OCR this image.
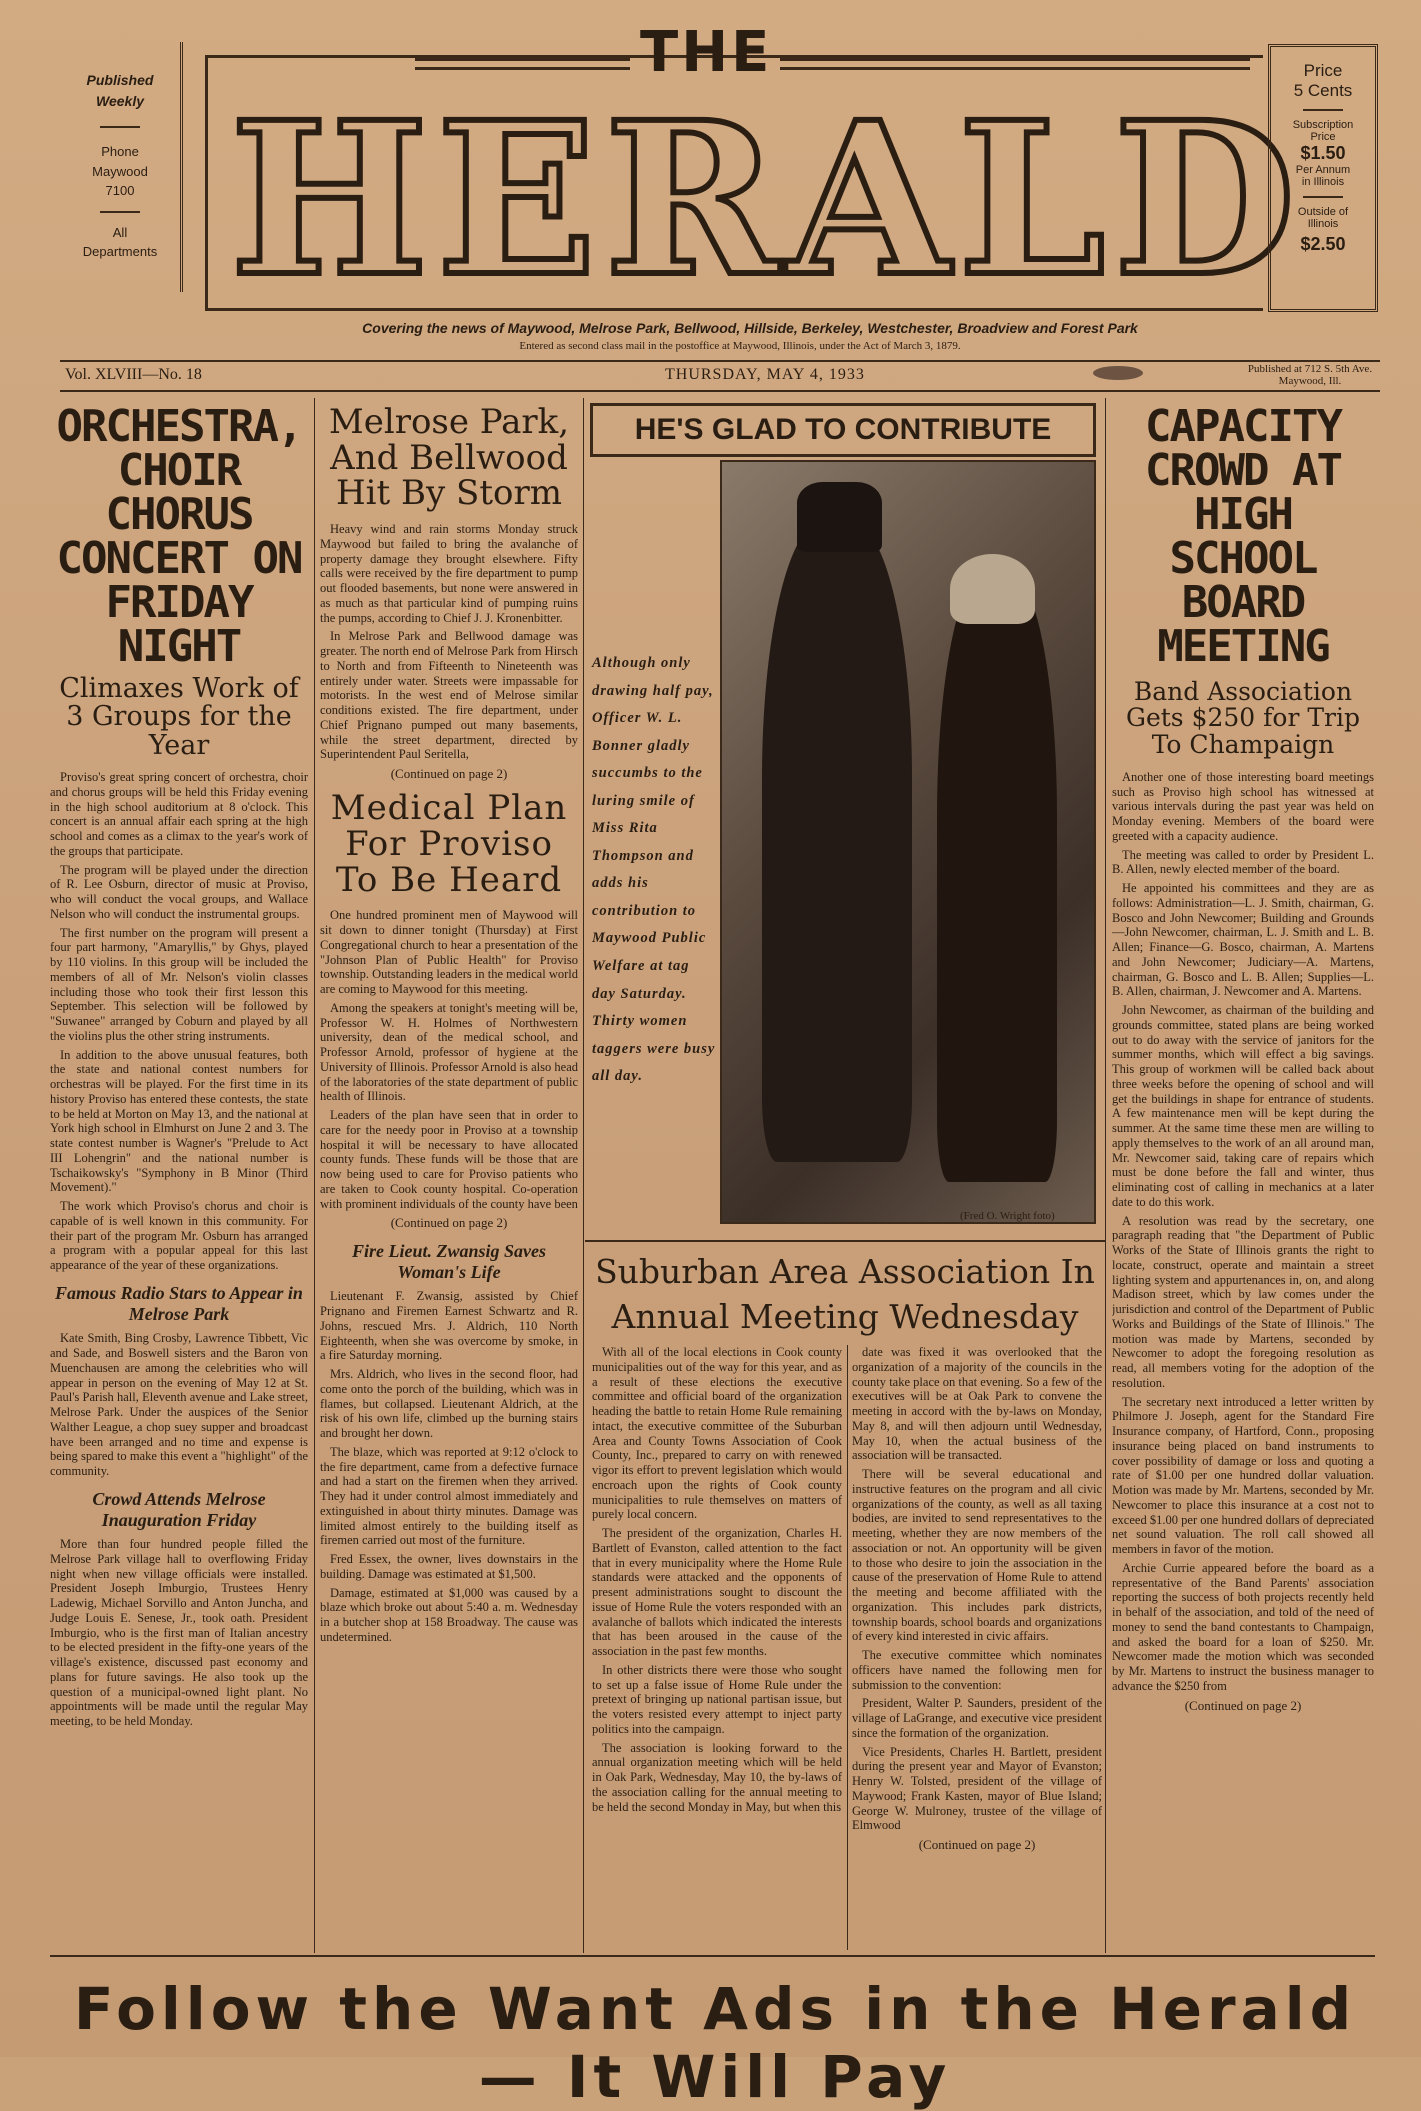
Published
Weekly
Phone
Maywood
7100
All
Departments
THE
HERALD
Price
5 Cents
Subscription
Price
$1.50
Per Annum
in Illinois
Outside of
Illinois
$2.50
Covering the news of Maywood, Melrose Park, Bellwood, Hillside, Berkeley, Westchester, Broadview and Forest Park
Entered as second class mail in the postoffice at Maywood, Illinois, under the Act of March 3, 1879.
Vol. XLVIII—No. 18	THURSDAY, MAY 4, 1933	Published at 712 S. 5th Ave. Maywood, Ill.
ORCHESTRA, CHOIR CHORUS CONCERT ON FRIDAY NIGHT
Climaxes Work of 3 Groups for the Year

Proviso's great spring concert of orchestra, choir and chorus groups will be held this Friday evening in the high school auditorium at 8 o'clock. This concert is an annual affair each spring at the high school and comes as a climax to the year's work of the groups that participate.

The program will be played under the direction of R. Lee Osburn, director of music at Proviso, who will conduct the vocal groups, and Wallace Nelson who will conduct the instrumental groups.

The first number on the program will present a four part harmony, "Amaryllis," by Ghys, played by 110 violins. In this group will be included the members of all of Mr. Nelson's violin classes including those who took their first lesson this September. This selection will be followed by "Suwanee" arranged by Coburn and played by all the violins plus the other string instruments.

In addition to the above unusual features, both the state and national contest numbers for orchestras will be played. For the first time in its history Proviso has entered these contests, the state to be held at Morton on May 13, and the national at York high school in Elmhurst on June 2 and 3. The state contest number is Wagner's "Prelude to Act III Lohengrin" and the national number is Tschaikowsky's "Symphony in B Minor (Third Movement)."

The work which Proviso's chorus and choir is capable of is well known in this community. For their part of the program Mr. Osburn has arranged a program with a popular appeal for this last appearance of the year of these organizations.

Famous Radio Stars to Appear in Melrose Park

Kate Smith, Bing Crosby, Lawrence Tibbett, Vic and Sade, and Boswell sisters and the Baron von Muenchausen are among the celebrities who will appear in person on the evening of May 12 at St. Paul's Parish hall, Eleventh avenue and Lake street, Melrose Park. Under the auspices of the Senior Walther League, a chop suey supper and broadcast have been arranged and no time and expense is being spared to make this event a "highlight" of the community.

Crowd Attends Melrose Inauguration Friday

More than four hundred people filled the Melrose Park village hall to overflowing Friday night when new village officials were installed. President Joseph Imburgio, Trustees Henry Ladewig, Michael Sorvillo and Anton Juncha, and Judge Louis E. Senese, Jr., took oath. President Imburgio, who is the first man of Italian ancestry to be elected president in the fifty-one years of the village's existence, discussed past economy and plans for future savings. He also took up the question of a municipal-owned light plant. No appointments will be made until the regular May meeting, to be held Monday.

Melrose Park, And Bellwood Hit By Storm

Heavy wind and rain storms Monday struck Maywood but failed to bring the avalanche of property damage they brought elsewhere. Fifty calls were received by the fire department to pump out flooded basements, but none were answered in as much as that particular kind of pumping ruins the pumps, according to Chief J. J. Kronenbitter.

In Melrose Park and Bellwood damage was greater. The north end of Melrose Park from Hirsch to North and from Fifteenth to Nineteenth was entirely under water. Streets were impassable for motorists. In the west end of Melrose similar conditions existed. The fire department, under Chief Prignano pumped out many basements, while the street department, directed by Superintendent Paul Seritella,

(Continued on page 2)
Medical Plan For Proviso To Be Heard

One hundred prominent men of Maywood will sit down to dinner tonight (Thursday) at First Congregational church to hear a presentation of the "Johnson Plan of Public Health" for Proviso township. Outstanding leaders in the medical world are coming to Maywood for this meeting.

Among the speakers at tonight's meeting will be, Professor W. H. Holmes of Northwestern university, dean of the medical school, and Professor Arnold, professor of hygiene at the University of Illinois. Professor Arnold is also head of the laboratories of the state department of public health of Illinois.

Leaders of the plan have seen that in order to care for the needy poor in Proviso at a township hospital it will be necessary to have allocated county funds. These funds will be those that are now being used to care for Proviso patients who are taken to Cook county hospital. Co-operation with prominent individuals of the county have been

(Continued on page 2)
Fire Lieut. Zwansig Saves Woman's Life

Lieutenant F. Zwansig, assisted by Chief Prignano and Firemen Earnest Schwartz and R. Johns, rescued Mrs. J. Aldrich, 110 North Eighteenth, when she was overcome by smoke, in a fire Saturday morning.

Mrs. Aldrich, who lives in the second floor, had come onto the porch of the building, which was in flames, but collapsed. Lieutenant Aldrich, at the risk of his own life, climbed up the burning stairs and brought her down.

The blaze, which was reported at 9:12 o'clock to the fire department, came from a defective furnace and had a start on the firemen when they arrived. They had it under control almost immediately and extinguished in about thirty minutes. Damage was limited almost entirely to the building itself as firemen carried out most of the furniture.

Fred Essex, the owner, lives downstairs in the building. Damage was estimated at $1,500.

Damage, estimated at $1,000 was caused by a blaze which broke out about 5:40 a. m. Wednesday in a butcher shop at 158 Broadway. The cause was undetermined.

HE'S GLAD TO CONTRIBUTE
Although only drawing half pay, Officer W. L. Bonner gladly succumbs to the luring smile of Miss Rita Thompson and adds his contribution to Maywood Public Welfare at tag day Saturday. Thirty women taggers were busy all day.
(Fred O. Wright foto)
Suburban Area Association In Annual Meeting Wednesday

With all of the local elections in Cook county municipalities out of the way for this year, and as a result of these elections the executive committee and official board of the organization heading the battle to retain Home Rule remaining intact, the executive committee of the Suburban Area and County Towns Association of Cook County, Inc., prepared to carry on with renewed vigor its effort to prevent legislation which would encroach upon the rights of Cook county municipalities to rule themselves on matters of purely local concern.

The president of the organization, Charles H. Bartlett of Evanston, called attention to the fact that in every municipality where the Home Rule standards were attacked and the opponents of present administrations sought to discount the issue of Home Rule the voters responded with an avalanche of ballots which indicated the interests that has been aroused in the cause of the association in the past few months.

In other districts there were those who sought to set up a false issue of Home Rule under the pretext of bringing up national partisan issue, but the voters resisted every attempt to inject party politics into the campaign.

The association is looking forward to the annual organization meeting which will be held in Oak Park, Wednesday, May 10, the by-laws of the association calling for the annual meeting to be held the second Monday in May, but when this

date was fixed it was overlooked that the organization of a majority of the councils in the county take place on that evening. So a few of the executives will be at Oak Park to convene the meeting in accord with the by-laws on Monday, May 8, and will then adjourn until Wednesday, May 10, when the actual business of the association will be transacted.

There will be several educational and instructive features on the program and all civic organizations of the county, as well as all taxing bodies, are invited to send representatives to the meeting, whether they are now members of the association or not. An opportunity will be given to those who desire to join the association in the cause of the preservation of Home Rule to attend the meeting and become affiliated with the organization. This includes park districts, township boards, school boards and organizations of every kind interested in civic affairs.

The executive committee which nominates officers have named the following men for submission to the convention:

President, Walter P. Saunders, president of the village of LaGrange, and executive vice president since the formation of the organization.

Vice Presidents, Charles H. Bartlett, president during the present year and Mayor of Evanston; Henry W. Tolsted, president of the village of Maywood; Frank Kasten, mayor of Blue Island; George W. Mulroney, trustee of the village of Elmwood

(Continued on page 2)
CAPACITY CROWD AT HIGH SCHOOL BOARD MEETING
Band Association Gets $250 for Trip To Champaign

Another one of those interesting board meetings such as Proviso high school has witnessed at various intervals during the past year was held on Monday evening. Members of the board were greeted with a capacity audience.

The meeting was called to order by President L. B. Allen, newly elected member of the board.

He appointed his committees and they are as follows: Administration—L. J. Smith, chairman, G. Bosco and John Newcomer; Building and Grounds—John Newcomer, chairman, L. J. Smith and L. B. Allen; Finance—G. Bosco, chairman, A. Martens and John Newcomer; Judiciary—A. Martens, chairman, G. Bosco and L. B. Allen; Supplies—L. B. Allen, chairman, J. Newcomer and A. Martens.

John Newcomer, as chairman of the building and grounds committee, stated plans are being worked out to do away with the service of janitors for the summer months, which will effect a big savings. This group of workmen will be called back about three weeks before the opening of school and will get the buildings in shape for entrance of students. A few maintenance men will be kept during the summer. At the same time these men are willing to apply themselves to the work of an all around man, Mr. Newcomer said, taking care of repairs which must be done before the fall and winter, thus eliminating cost of calling in mechanics at a later date to do this work.

A resolution was read by the secretary, one paragraph reading that "the Department of Public Works of the State of Illinois grants the right to locate, construct, operate and maintain a street lighting system and appurtenances in, on, and along Madison street, which by law comes under the jurisdiction and control of the Department of Public Works and Buildings of the State of Illinois." The motion was made by Martens, seconded by Newcomer to adopt the foregoing resolution as read, all members voting for the adoption of the resolution.

The secretary next introduced a letter written by Philmore J. Joseph, agent for the Standard Fire Insurance company, of Hartford, Conn., proposing insurance being placed on band instruments to cover possibility of damage or loss and quoting a rate of $1.00 per one hundred dollar valuation. Motion was made by Mr. Martens, seconded by Mr. Newcomer to place this insurance at a cost not to exceed $1.00 per one hundred dollars of depreciated net sound valuation. The roll call showed all members in favor of the motion.

Archie Currie appeared before the board as a representative of the Band Parents' association reporting the success of both projects recently held in behalf of the association, and told of the need of money to send the band contestants to Champaign, and asked the board for a loan of $250. Mr. Newcomer made the motion which was seconded by Mr. Martens to instruct the business manager to advance the $250 from

(Continued on page 2)
Follow the Want Ads in the Herald — It Will Pay
